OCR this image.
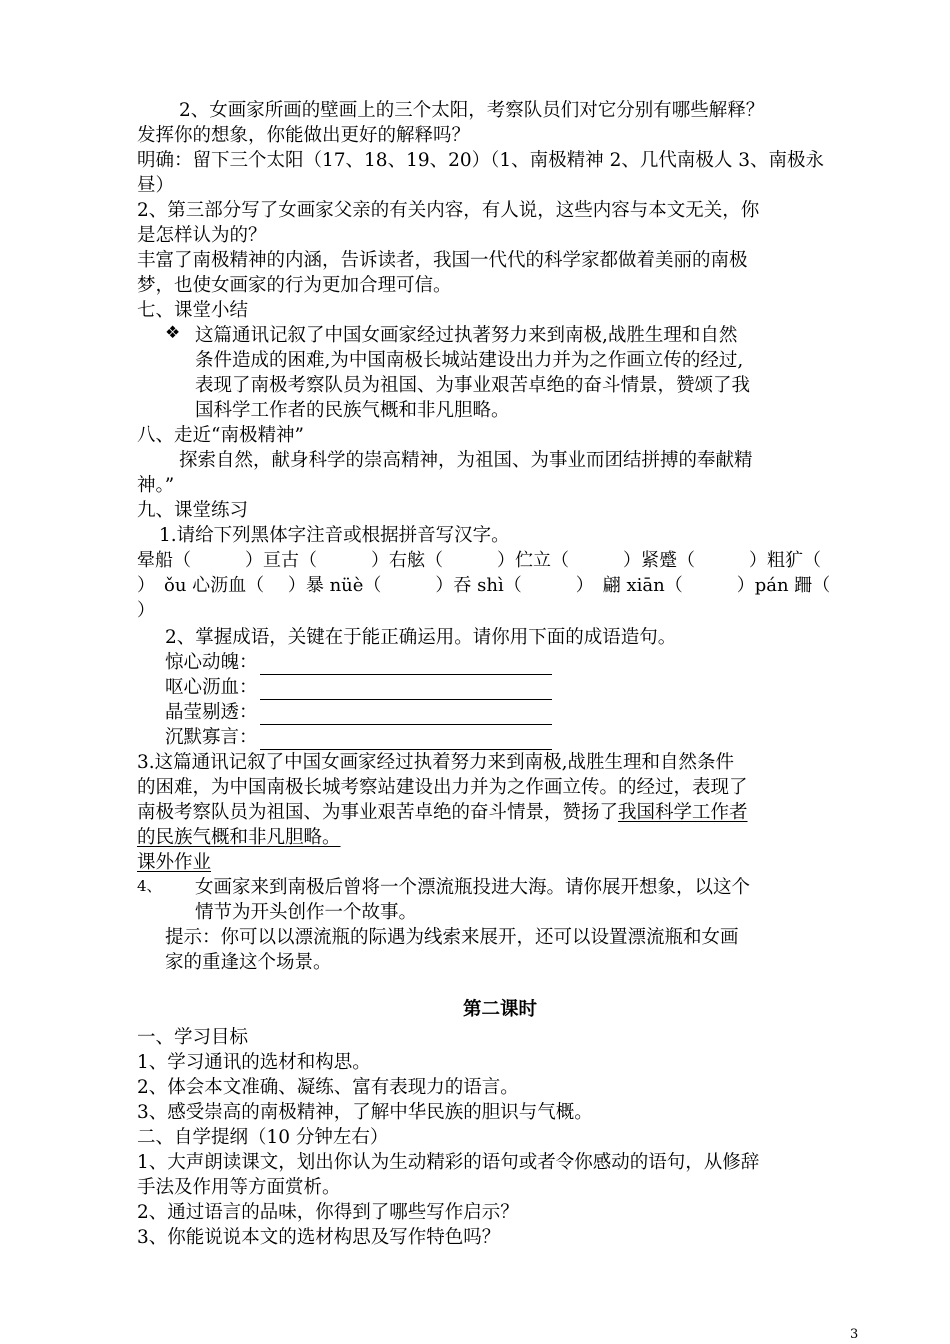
2、女画家所画的壁画上的三个太阳，考察队员们对它分别有哪些解释？

发挥你的想象，你能做出更好的解释吗？

明确：留下三个太阳（17、18、19、20）（1、南极精神 2、几代南极人 3、南极永

昼）

2、第三部分写了女画家父亲的有关内容，有人说，这些内容与本文无关，你

是怎样认为的？

丰富了南极精神的内涵，告诉读者，我国一代代的科学家都做着美丽的南极

梦，也使女画家的行为更加合理可信。

七、课堂小结

❖ 这篇通讯记叙了中国女画家经过执著努力来到南极,战胜生理和自然

条件造成的困难,为中国南极长城站建设出力并为之作画立传的经过,

表现了南极考察队员为祖国、为事业艰苦卓绝的奋斗情景，赞颂了我

国科学工作者的民族气概和非凡胆略。

八、走近“南极精神”

探索自然，献身科学的崇高精神，为祖国、为事业而团结拼搏的奉献精

神。”

九、课堂练习

1.请给下列黑体字注音或根据拼音写汉字。

晕船（　　　）亘古（　　　）右舷（　　　）伫立（　　　）紧蹙（　　　）粗犷（

）　ǒu 心沥血（　 ）暴 nüè（　　　）吞 shì（　　　）　翩 xiān（　　　）pán 跚（

）

2、掌握成语，关键在于能正确运用。请你用下面的成语造句。

惊心动魄：
呕心沥血：
晶莹剔透：
沉默寡言：

3.这篇通讯记叙了中国女画家经过执着努力来到南极,战胜生理和自然条件

的困难，为中国南极长城考察站建设出力并为之作画立传。的经过，表现了

南极考察队员为祖国、为事业艰苦卓绝的奋斗情景，赞扬了我国科学工作者

的民族气概和非凡胆略。

课外作业

4、 女画家来到南极后曾将一个漂流瓶投进大海。请你展开想象，以这个

情节为开头创作一个故事。

提示：你可以以漂流瓶的际遇为线索来展开，还可以设置漂流瓶和女画

家的重逢这个场景。

第二课时

一、学习目标

1、学习通讯的选材和构思。

2、体会本文准确、凝练、富有表现力的语言。

3、感受崇高的南极精神，了解中华民族的胆识与气概。

二、自学提纲（10 分钟左右）

1、大声朗读课文，划出你认为生动精彩的语句或者令你感动的语句，从修辞

手法及作用等方面赏析。

2、通过语言的品味，你得到了哪些写作启示？

3、你能说说本文的选材构思及写作特色吗？

3
